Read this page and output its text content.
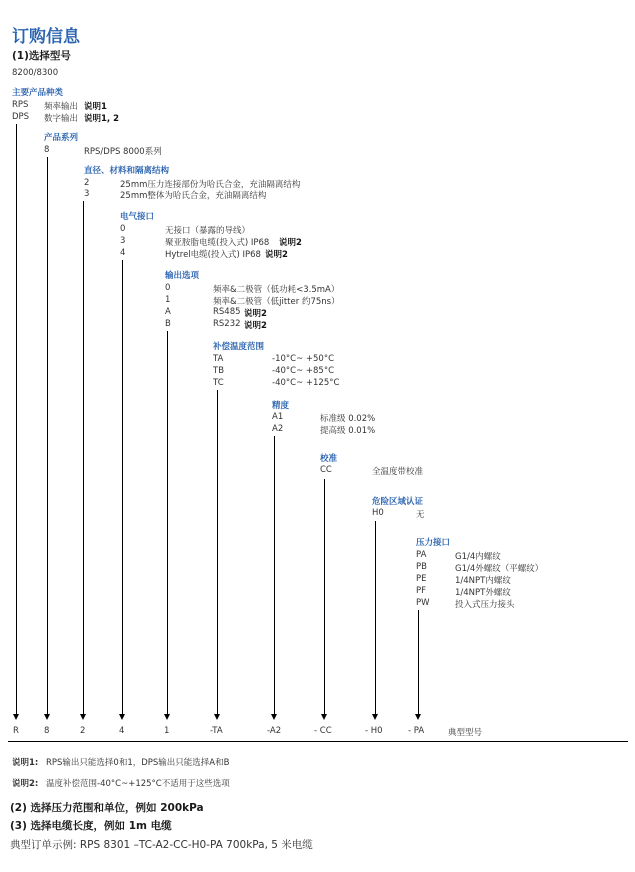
订购信息
(1)选择型号
8200/8300
主要产品种类
RPS 频率输出 说明1
DPS 数字输出 说明1, 2
产品系列
8	RPS/DPS 8000系列
直径、材料和隔离结构
2	25mm压力连接部份为哈氏合金，充油隔离结构
3	25mm整体为哈氏合金，充油隔离结构
电气接口
0	无接口（暴露的导线）
3	聚亚胺脂电缆(投入式) IP68 说明2
4	Hytrel电缆(投入式) IP68 说明2
输出选项
0	频率&二极管（低功耗<3.5mA）
1	频率&二极管（低jitter 约75ns）
A	RS485 说明2
B	RS232 说明2
补偿温度范围
TA	-10°C~ +50°C
TB	-40°C~ +85°C
TC	-40°C~ +125°C
精度
A1	标准级 0.02%
A2	提高级 0.01%
校准
CC	全温度带校准
危险区域认证
H0	无
压力接口
PA	G1/4内螺纹
PB	G1/4外螺纹（平螺纹）
PE	1/4NPT内螺纹
PF	1/4NPT外螺纹
PW	投入式压力接头
R	8	2	4	1	-TA	-A2	- CC	- H0	- PA	典型型号
说明1: RPS输出只能选择0和1，DPS输出只能选择A和B
说明2: 温度补偿范围-40°C~+125°C不适用于这些选项
(2) 选择压力范围和单位，例如 200kPa
(3) 选择电缆长度，例如 1m 电缆
典型订单示例: RPS 8301 –TC-A2-CC-H0-PA 700kPa, 5 米电缆
